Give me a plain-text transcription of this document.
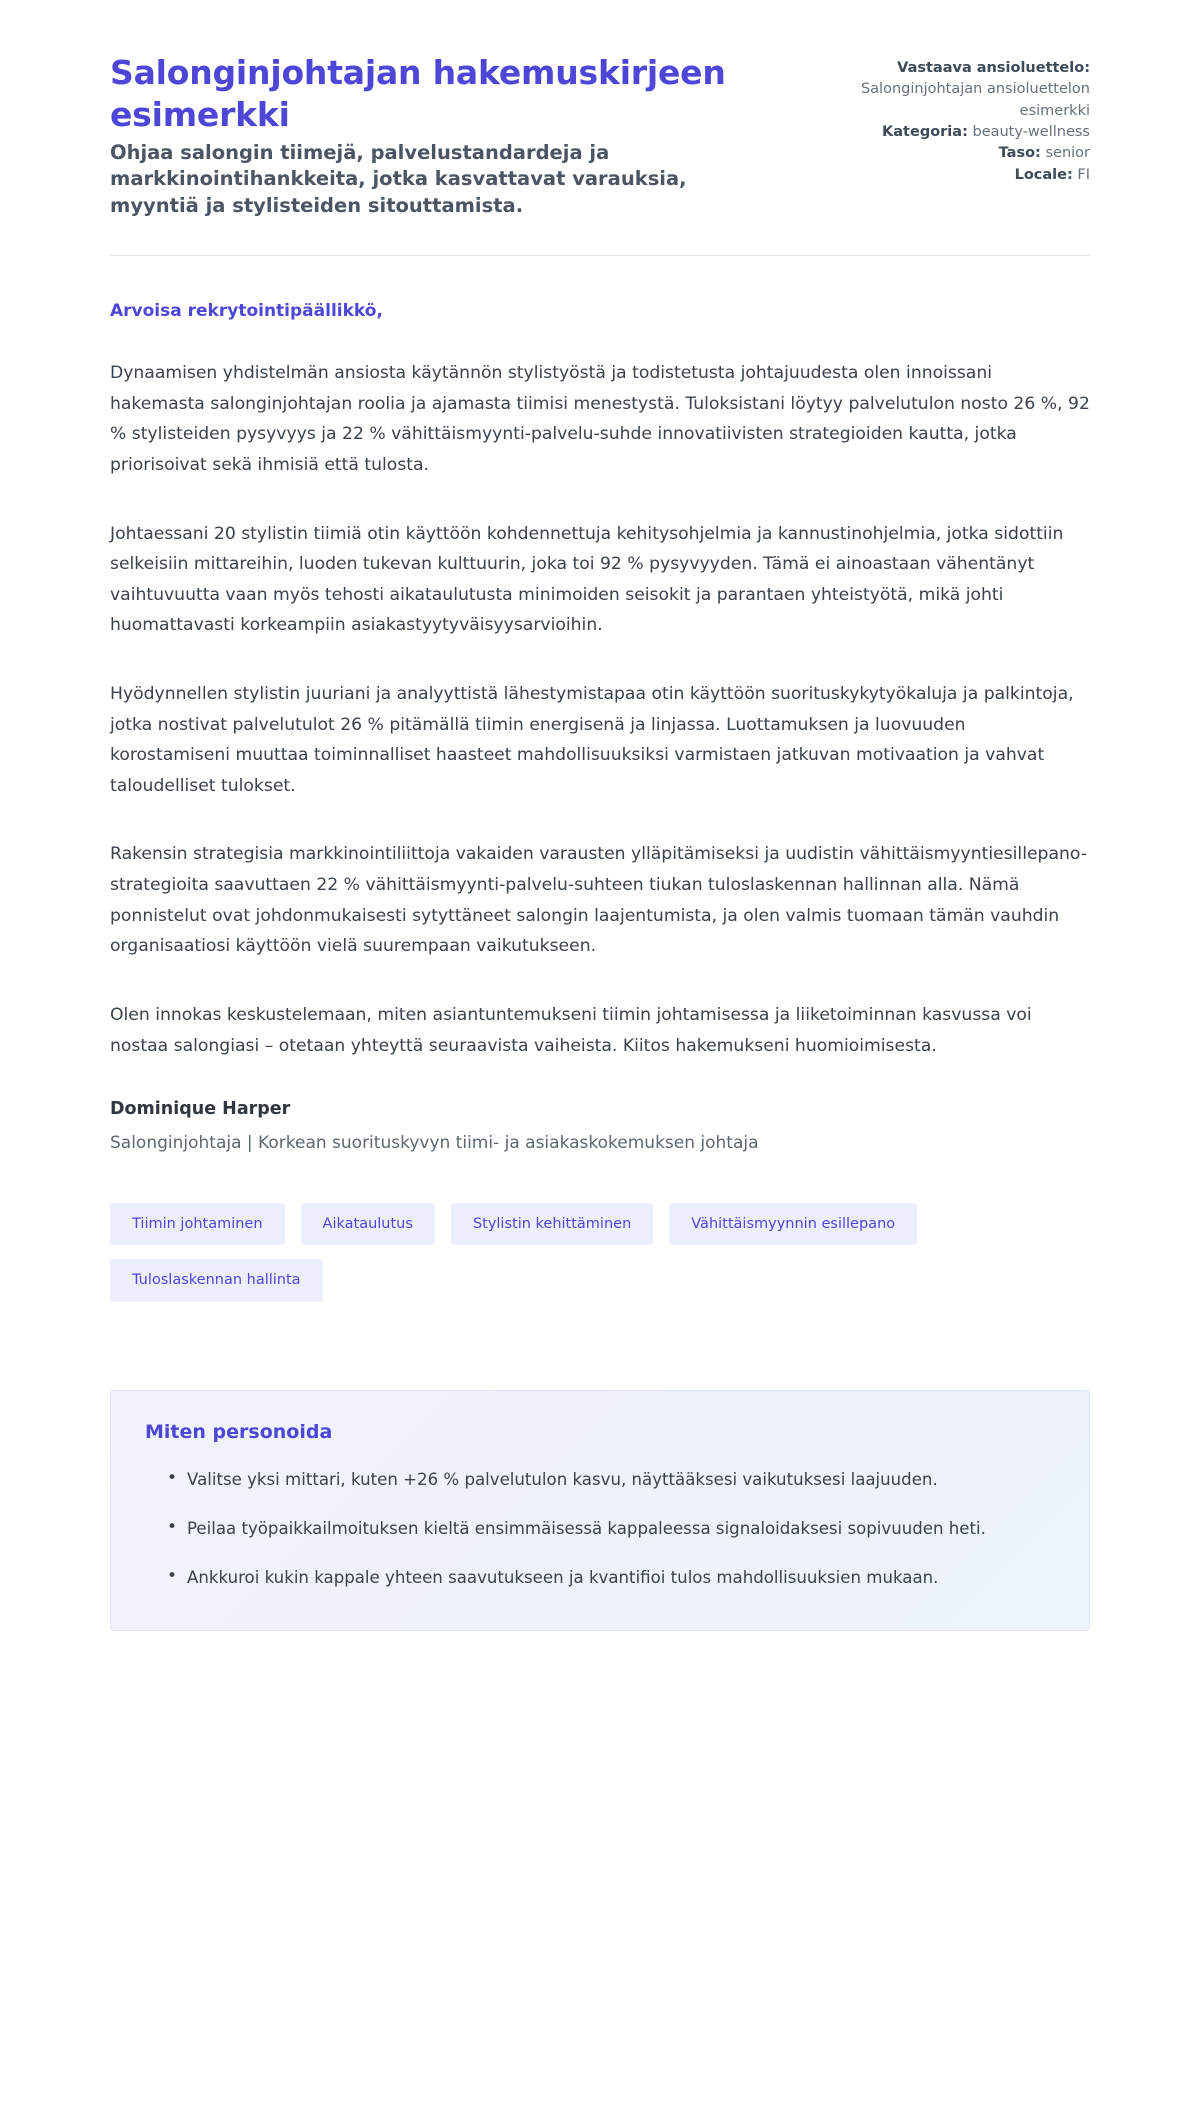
Salonginjohtajan hakemuskirjeen esimerkki

Ohjaa salongin tiimejä, palvelustandardeja ja markkinointihankkeita, jotka kasvattavat varauksia, myyntiä ja stylisteiden sitouttamista.

Vastaava ansioluettelo:
Salonginjohtajan ansioluettelon esimerkki
Kategoria: beauty-wellness
Taso: senior
Locale: FI

Arvoisa rekrytointipäällikkö,

Dynaamisen yhdistelmän ansiosta käytännön stylistyöstä ja todistetusta johtajuudesta olen innoissani hakemasta salonginjohtajan roolia ja ajamasta tiimisi menestystä. Tuloksistani löytyy palvelutulon nosto 26 %, 92 % stylisteiden pysyvyys ja 22 % vähittäismyynti-palvelu-suhde innovatiivisten strategioiden kautta, jotka priorisoivat sekä ihmisiä että tulosta.

Johtaessani 20 stylistin tiimiä otin käyttöön kohdennettuja kehitysohjelmia ja kannustinohjelmia, jotka sidottiin selkeisiin mittareihin, luoden tukevan kulttuurin, joka toi 92 % pysyvyyden. Tämä ei ainoastaan vähentänyt vaihtuvuutta vaan myös tehosti aikataulutusta minimoiden seisokit ja parantaen yhteistyötä, mikä johti huomattavasti korkeampiin asiakastyytyväisyysarvioihin.

Hyödynnellen stylistin juuriani ja analyyttistä lähestymistapaa otin käyttöön suorituskykytyökaluja ja palkintoja, jotka nostivat palvelutulot 26 % pitämällä tiimin energisenä ja linjassa. Luottamuksen ja luovuuden korostamiseni muuttaa toiminnalliset haasteet mahdollisuuksiksi varmistaen jatkuvan motivaation ja vahvat taloudelliset tulokset.

Rakensin strategisia markkinointiliittoja vakaiden varausten ylläpitämiseksi ja uudistin vähittäismyyntiesillepano-strategioita saavuttaen 22 % vähittäismyynti-palvelu-suhteen tiukan tuloslaskennan hallinnan alla. Nämä ponnistelut ovat johdonmukaisesti sytyttäneet salongin laajentumista, ja olen valmis tuomaan tämän vauhdin organisaatiosi käyttöön vielä suurempaan vaikutukseen.

Olen innokas keskustelemaan, miten asiantuntemukseni tiimin johtamisessa ja liiketoiminnan kasvussa voi nostaa salongiasi – otetaan yhteyttä seuraavista vaiheista. Kiitos hakemukseni huomioimisesta.

Dominique Harper

Salonginjohtaja | Korkean suorituskyvyn tiimi- ja asiakaskokemuksen johtaja

Tiimin johtaminen	Aikataulutus	Stylistin kehittäminen	Vähittäismyynnin esillepano
Tuloslaskennan hallinta
Miten personoida
• Valitse yksi mittari, kuten +26 % palvelutulon kasvu, näyttääksesi vaikutuksesi laajuuden.
• Peilaa työpaikkailmoituksen kieltä ensimmäisessä kappaleessa signaloidaksesi sopivuuden heti.
• Ankkuroi kukin kappale yhteen saavutukseen ja kvantifioi tulos mahdollisuuksien mukaan.
